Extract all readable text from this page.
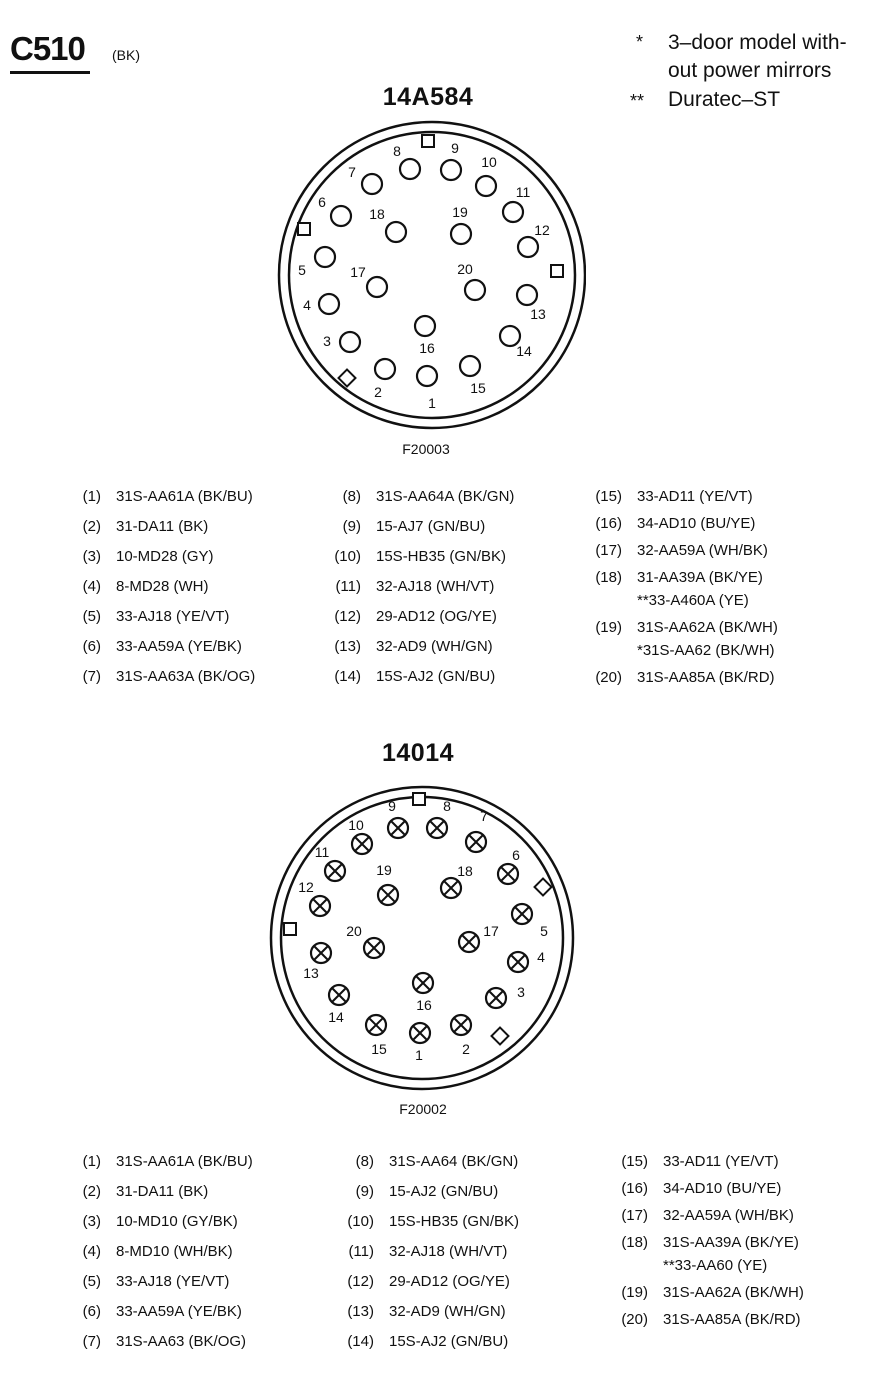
C510 (BK)
* 3–door model with-
out power mirrors
** Duratec–ST
14A584
1
2
3
4
5
6
7
8	9
10
11
12
13
14
15
16
17
18	19
20
F20003
(1) 31S-AA61A (BK/BU)
(2) 31-DA11 (BK)
(3) 10-MD28 (GY)
(4) 8-MD28 (WH)
(5) 33-AJ18 (YE/VT)
(6) 33-AA59A (YE/BK)
(7) 31S-AA63A (BK/OG)
(8) 31S-AA64A (BK/GN)
(9) 15-AJ7 (GN/BU)
(10) 15S-HB35 (GN/BK)
(11) 32-AJ18 (WH/VT)
(12) 29-AD12 (OG/YE)
(13) 32-AD9 (WH/GN)
(14) 15S-AJ2 (GN/BU)
(15) 33-AD11 (YE/VT)
(16) 34-AD10 (BU/YE)
(17) 32-AA59A (WH/BK)
(18) 31-AA39A (BK/YE)
**33-A460A (YE)
(19) 31S-AA62A (BK/WH)
*31S-AA62 (BK/WH)
(20) 31S-AA85A (BK/RD)
14014
1	2
3
4
5
6
7
8
9
10
11
12
13
14
15
16
17
18
19
20
F20002
(1) 31S-AA61A (BK/BU)
(2) 31-DA11 (BK)
(3) 10-MD10 (GY/BK)
(4) 8-MD10 (WH/BK)
(5) 33-AJ18 (YE/VT)
(6) 33-AA59A (YE/BK)
(7) 31S-AA63 (BK/OG)
(8) 31S-AA64 (BK/GN)
(9) 15-AJ2 (GN/BU)
(10) 15S-HB35 (GN/BK)
(11) 32-AJ18 (WH/VT)
(12) 29-AD12 (OG/YE)
(13) 32-AD9 (WH/GN)
(14) 15S-AJ2 (GN/BU)
(15) 33-AD11 (YE/VT)
(16) 34-AD10 (BU/YE)
(17) 32-AA59A (WH/BK)
(18) 31S-AA39A (BK/YE)
**33-AA60 (YE)
(19) 31S-AA62A (BK/WH)
(20) 31S-AA85A (BK/RD)
